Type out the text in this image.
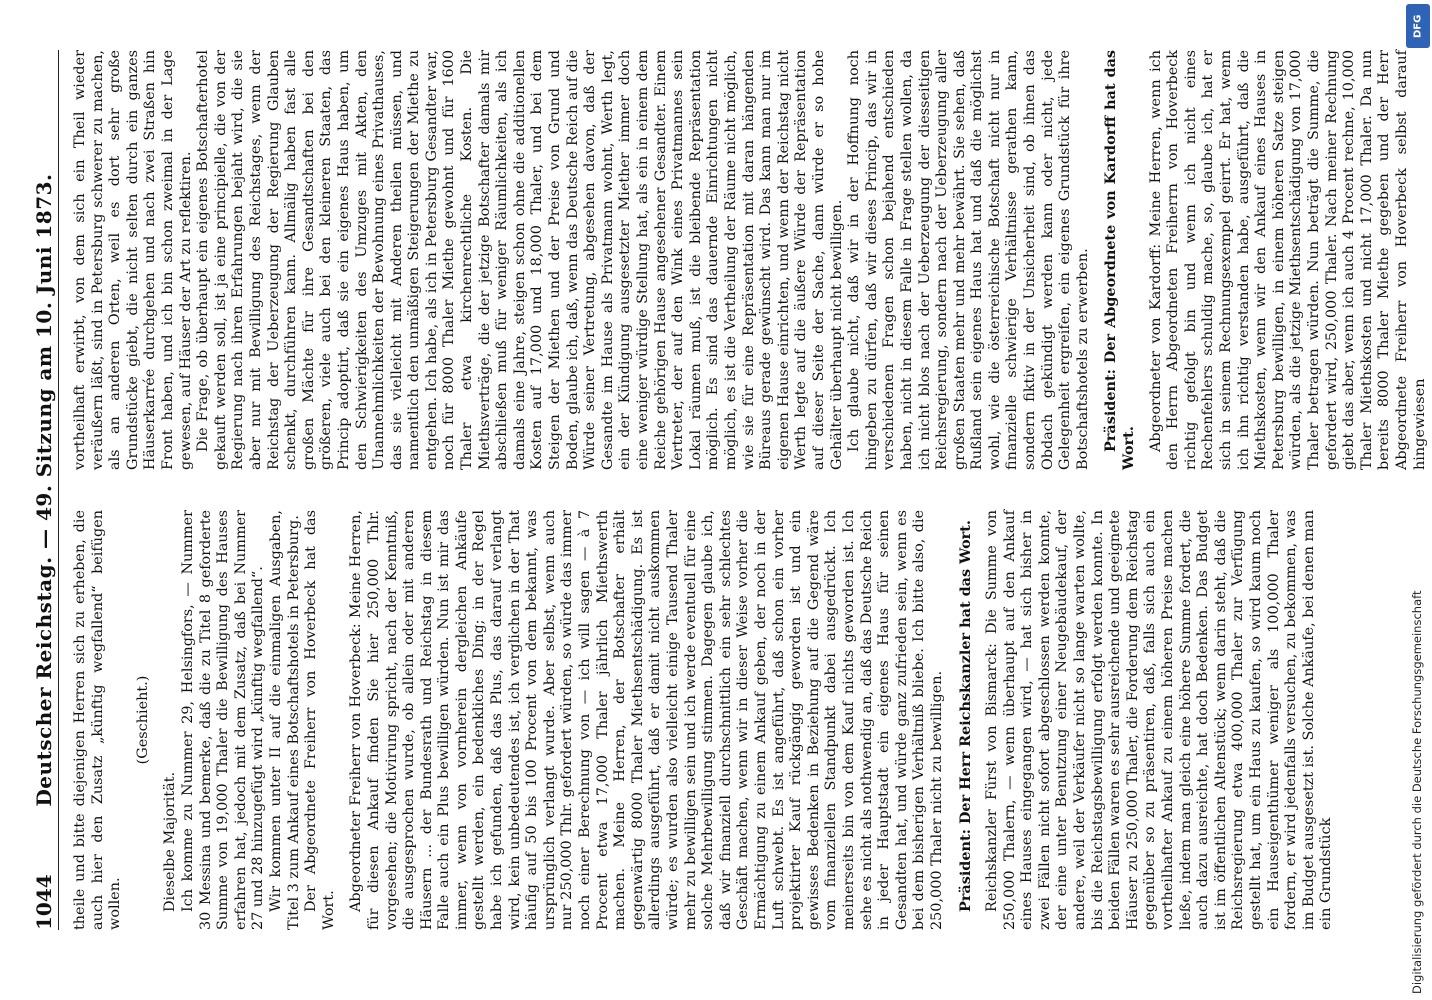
1044
Deutscher Reichstag. — 49. Sitzung am 10. Juni 1873. theile und bitte diejenigen Herren sich zu erheben, die auch hier den Zusatz „künftig wegfallend“ beifügen wollen.

(Geschieht.)

Dieselbe Majorität. Ich komme zu Nummer 29, Helsingfors, — Nummer 30 Messina und bemerke, daß die zu Titel 8 geforderte Summe von 19,000 Thaler die Bewilligung des Hauses erfahren hat, jedoch mit dem Zusatz, daß bei Nummer 27 und 28 hinzugefügt wird „künftig wegfallend“. Wir kommen unter II auf die einmaligen Ausgaben, Titel 3 zum Ankauf eines Botschaftshotels in Petersburg. Der Abgeordnete Freiherr von Hoverbeck hat das Wort. Abgeordneter Freiherr von Hoverbeck: Meine Herren, für diesen Ankauf finden Sie hier 250,000 Thlr. vorgesehen; die Motivirung spricht, nach der Kenntniß, die ausgesprochen wurde, ob allein oder mit anderen Häusern ... der Bundesrath und Reichstag in diesem Falle auch ein Plus bewilligen würden. Nun ist mir das immer, wenn von vornherein dergleichen Ankäufe gestellt werden, ein bedenkliches Ding; in der Regel habe ich gefunden, daß das Plus, das darauf verlangt wird, kein unbedeutendes ist, ich verglichen in der That häufig auf 50 bis 100 Procent von dem bekannt, was ursprünglich verlangt wurde. Aber selbst, wenn auch nur 250,000 Thlr. gefordert würden, so würde das immer noch einer Berechnung von — ich will sagen — à 7 Procent etwa 17,000 Thaler jährlich Miethswerth machen. Meine Herren, der Botschafter erhält gegenwärtig 8000 Thaler Miethsentschädigung. Es ist allerdings ausgeführt, daß er damit nicht auskommen würde; es wurden also vielleicht einige Tausend Thaler mehr zu bewilligen sein und ich werde eventuell für eine solche Mehrbewilligung stimmen. Dagegen glaube ich, daß wir finanziell durchschnittlich ein sehr schlechtes Geschäft machen, wenn wir in dieser Weise vorher die Ermächtigung zu einem Ankauf geben, der noch in der Luft schwebt. Es ist angeführt, daß schon ein vorher projektirter Kauf rückgängig geworden ist und ein gewisses Bedenken in Beziehung auf die Gegend wäre vom finanziellen Standpunkt dabei ausgedrückt. Ich meinerseits bin von dem Kauf nichts geworden ist. Ich sehe es nicht als nothwendig an, daß das Deutsche Reich in jeder Hauptstadt ein eigenes Haus für seinen Gesandten hat, und würde ganz zufrieden sein, wenn es bei dem bisherigen Verhältniß bliebe. Ich bitte also, die 250,000 Thaler nicht zu bewilligen. Präsident: Der Herr Reichskanzler hat das Wort. Reichskanzler Fürst von Bismarck: Die Summe von 250,000 Thalern, — wenn überhaupt auf den Ankauf eines Hauses eingegangen wird, — hat sich bisher in zwei Fällen nicht sofort abgeschlossen werden konnte, der eine unter Benutzung einer Neugebäudekauf, der andere, weil der Verkäufer nicht so lange warten wollte, bis die Reichstagsbewilligung erfolgt werden konnte. In beiden Fällen waren es sehr ausreichende und geeignete Häuser zu 250,000 Thaler, die Forderung dem Reichstag gegenüber so zu präsentiren, daß, falls sich auch ein vortheilhafter Ankauf zu einem höheren Preise machen ließe, indem man gleich eine höhere Summe fordert, die auch dazu ausreichte, hat doch Bedenken. Das Budget ist im öffentlichen Altenstück; wenn darin steht, daß die Reichsregierung etwa 400,000 Thaler zur Verfügung gestellt hat, um ein Haus zu kaufen, so wird kaum noch ein Hauseigenthümer weniger als 100,000 Thaler fordern, er wird jedenfalls versuchen, zu bekommen, was im Budget ausgesetzt ist. Solche Ankäufe, bei denen man ein Grundstück

vortheilhaft erwirbt, von dem sich ein Theil wieder veräußern läßt, sind in Petersburg schwerer zu machen, als an anderen Orten, weil es dort sehr große Grundstücke giebt, die nicht selten durch ein ganzes Häuserkarrée durchgehen und nach zwei Straßen hin Front haben, und ich bin schon zweimal in der Lage gewesen, auf Häuser der Art zu reflektiren. Die Frage, ob überhaupt ein eigenes Botschafterhotel gekauft werden soll, ist ja eine principielle, die von der Regierung nach ihren Erfahrungen bejaht wird, die sie aber nur mit Bewilligung des Reichstages, wenn der Reichstag der Ueberzeugung der Regierung Glauben schenkt, durchführen kann. Allmälig haben fast alle großen Mächte für ihre Gesandtschaften bei den größeren, viele auch bei den kleineren Staaten, das Princip adoptirt, daß sie ein eigenes Haus haben, um den Schwierigkeiten des Umzuges mit Akten, den Unannehmlichkeiten der Bewohnung eines Privathauses, das sie vielleicht mit Anderen theilen müssen, und namentlich den unmäßigen Steigerungen der Miethe zu entgehen. Ich habe, als ich in Petersburg Gesandter war, noch für 8000 Thaler Miethe gewohnt und für 1600 Thaler etwa kirchenrechtliche Kosten. Die Miethsverträge, die der jetzige Botschafter damals mir abschließen muß für weniger Räumlichkeiten, als ich damals eine Jahre, steigen schon ohne die additionellen Kosten auf 17,000 und 18,000 Thaler, und bei dem Steigen der Miethen und der Preise von Grund und Boden, glaube ich, daß, wenn das Deutsche Reich auf die Würde seiner Vertretung, abgesehen davon, daß der Gesandte im Hause als Privatmann wohnt, Werth legt, ein der Kündigung ausgesetzter Miether immer doch eine weniger würdige Stellung hat, als ein in einem dem Reiche gehörigen Hause angesehener Gesandter. Einem Vertreter, der auf den Wink eines Privatmannes sein Lokal räumen muß, ist die bleibende Repräsentation möglich. Es sind das dauernde Einrichtungen nicht möglich, es ist die Vertheilung der Räume nicht möglich, wie sie für eine Repräsentation mit daran hängenden Büreaus gerade gewünscht wird. Das kann man nur im eigenen Hause einrichten, und wenn der Reichstag nicht Werth legte auf die äußere Würde der Repräsentation auf dieser Seite der Sache, dann würde er so hohe Gehälter überhaupt nicht bewilligen. Ich glaube nicht, daß wir in der Hoffnung noch hingeben zu dürfen, daß wir dieses Princip, das wir in verschiedenen Fragen schon bejahend entschieden haben, nicht in diesem Falle in Frage stellen wollen, da ich nicht blos nach der Ueberzeugung der diesseitigen Reichsregierung, sondern nach der Ueberzeugung aller großen Staaten mehr und mehr bewährt. Sie sehen, daß Rußland sein eigenes Haus hat und daß die möglichst wohl, wie die österreichische Botschaft nicht nur in finanzielle schwierige Verhältnisse gerathen kann, sondern fiktiv in der Unsicherheit sind, ob ihnen das Obdach gekündigt werden kann oder nicht, jede Gelegenheit ergreifen, ein eigenes Grundstück für ihre Botschaftshotels zu erwerben. Präsident: Der Abgeordnete von Kardorff hat das Wort. Abgeordneter von Kardorff: Meine Herren, wenn ich den Herrn Abgeordneten Freiherrn von Hoverbeck richtig gefolgt bin und wenn ich nicht eines Rechenfehlers schuldig mache, so, glaube ich, hat er sich in seinem Rechnungsexempel geirrt. Er hat, wenn ich ihn richtig verstanden habe, ausgeführt, daß die Miethskosten, wenn wir den Ankauf eines Hauses in Petersburg bewilligen, in einem höheren Satze steigen würden, als die jetzige Miethsentschädigung von 17,000 Thaler betragen würden. Nun beträgt die Summe, die gefordert wird, 250,000 Thaler. Nach meiner Rechnung giebt das aber, wenn ich auch 4 Procent rechne, 10,000 Thaler Miethskosten und nicht 17,000 Thaler. Da nun bereits 8000 Thaler Miethe gegeben und der Herr Abgeordnete Freiherr von Hoverbeck selbst darauf hingewiesen

DFG
Digitalisierung gefördert durch die Deutsche Forschungsgemeinschaft
